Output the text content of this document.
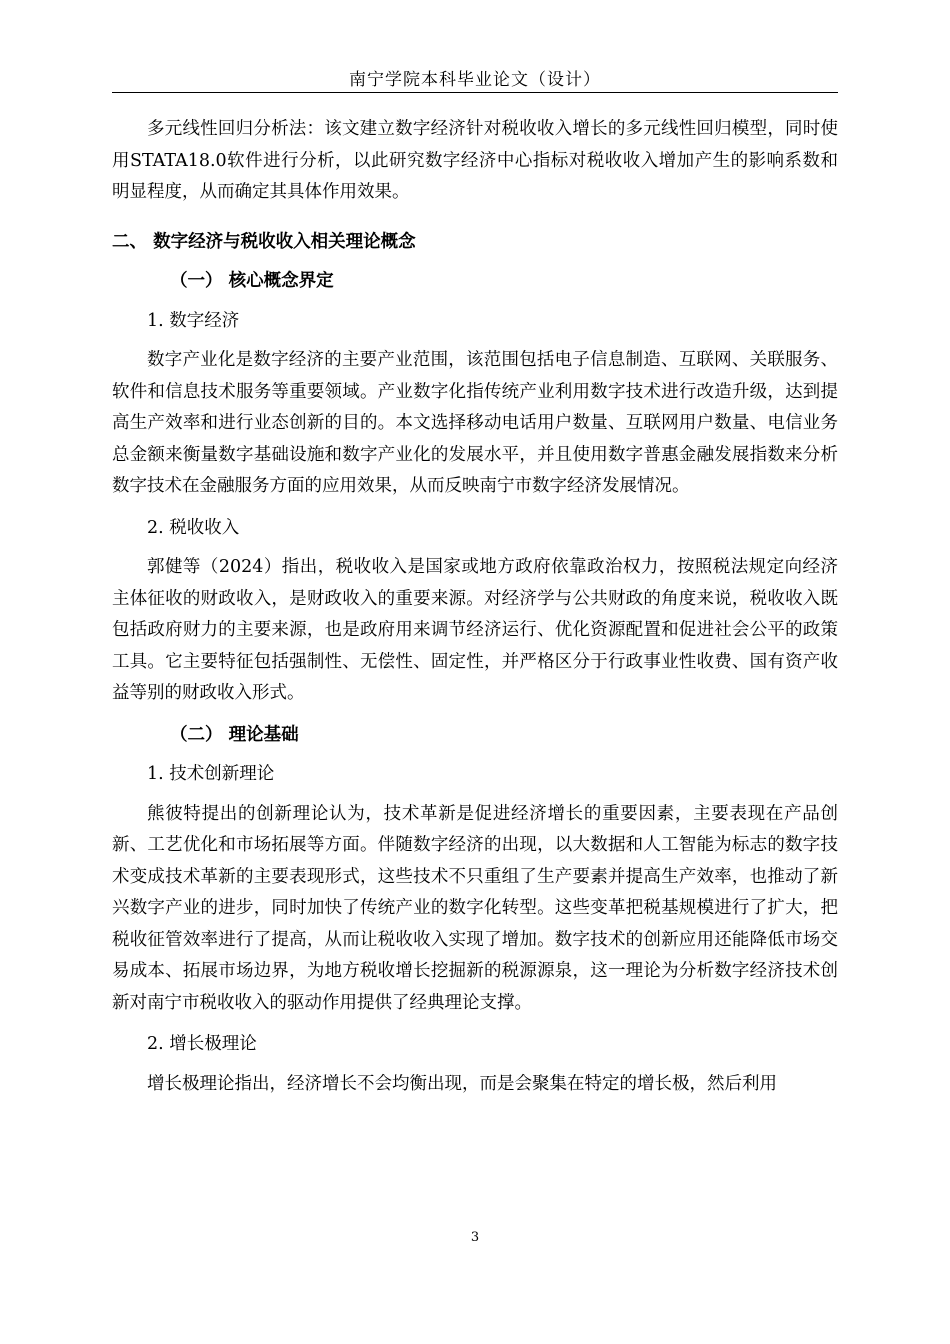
南宁学院本科毕业论文（设计）

多元线性回归分析法：该文建立数字经济针对税收收入增长的多元线性回归模型，同时使用STATA18.0软件进行分析，以此研究数字经济中心指标对税收收入增加产生的影响系数和明显程度，从而确定其具体作用效果。

二、 数字经济与税收收入相关理论概念

（一） 核心概念界定

1. 数字经济

数字产业化是数字经济的主要产业范围，该范围包括电子信息制造、互联网、关联服务、软件和信息技术服务等重要领域。产业数字化指传统产业利用数字技术进行改造升级，达到提高生产效率和进行业态创新的目的。本文选择移动电话用户数量、互联网用户数量、电信业务总金额来衡量数字基础设施和数字产业化的发展水平，并且使用数字普惠金融发展指数来分析数字技术在金融服务方面的应用效果，从而反映南宁市数字经济发展情况。

2. 税收收入

郭健等（2024）指出，税收收入是国家或地方政府依靠政治权力，按照税法规定向经济主体征收的财政收入，是财政收入的重要来源。对经济学与公共财政的角度来说，税收收入既包括政府财力的主要来源，也是政府用来调节经济运行、优化资源配置和促进社会公平的政策工具。它主要特征包括强制性、无偿性、固定性，并严格区分于行政事业性收费、国有资产收益等别的财政收入形式。

（二） 理论基础

1. 技术创新理论

熊彼特提出的创新理论认为，技术革新是促进经济增长的重要因素，主要表现在产品创新、工艺优化和市场拓展等方面。伴随数字经济的出现，以大数据和人工智能为标志的数字技术变成技术革新的主要表现形式，这些技术不只重组了生产要素并提高生产效率，也推动了新兴数字产业的进步，同时加快了传统产业的数字化转型。这些变革把税基规模进行了扩大，把税收征管效率进行了提高，从而让税收收入实现了增加。数字技术的创新应用还能降低市场交易成本、拓展市场边界，为地方税收增长挖掘新的税源源泉，这一理论为分析数字经济技术创新对南宁市税收收入的驱动作用提供了经典理论支撑。

2. 增长极理论

增长极理论指出，经济增长不会均衡出现，而是会聚集在特定的增长极，然后利用

3
